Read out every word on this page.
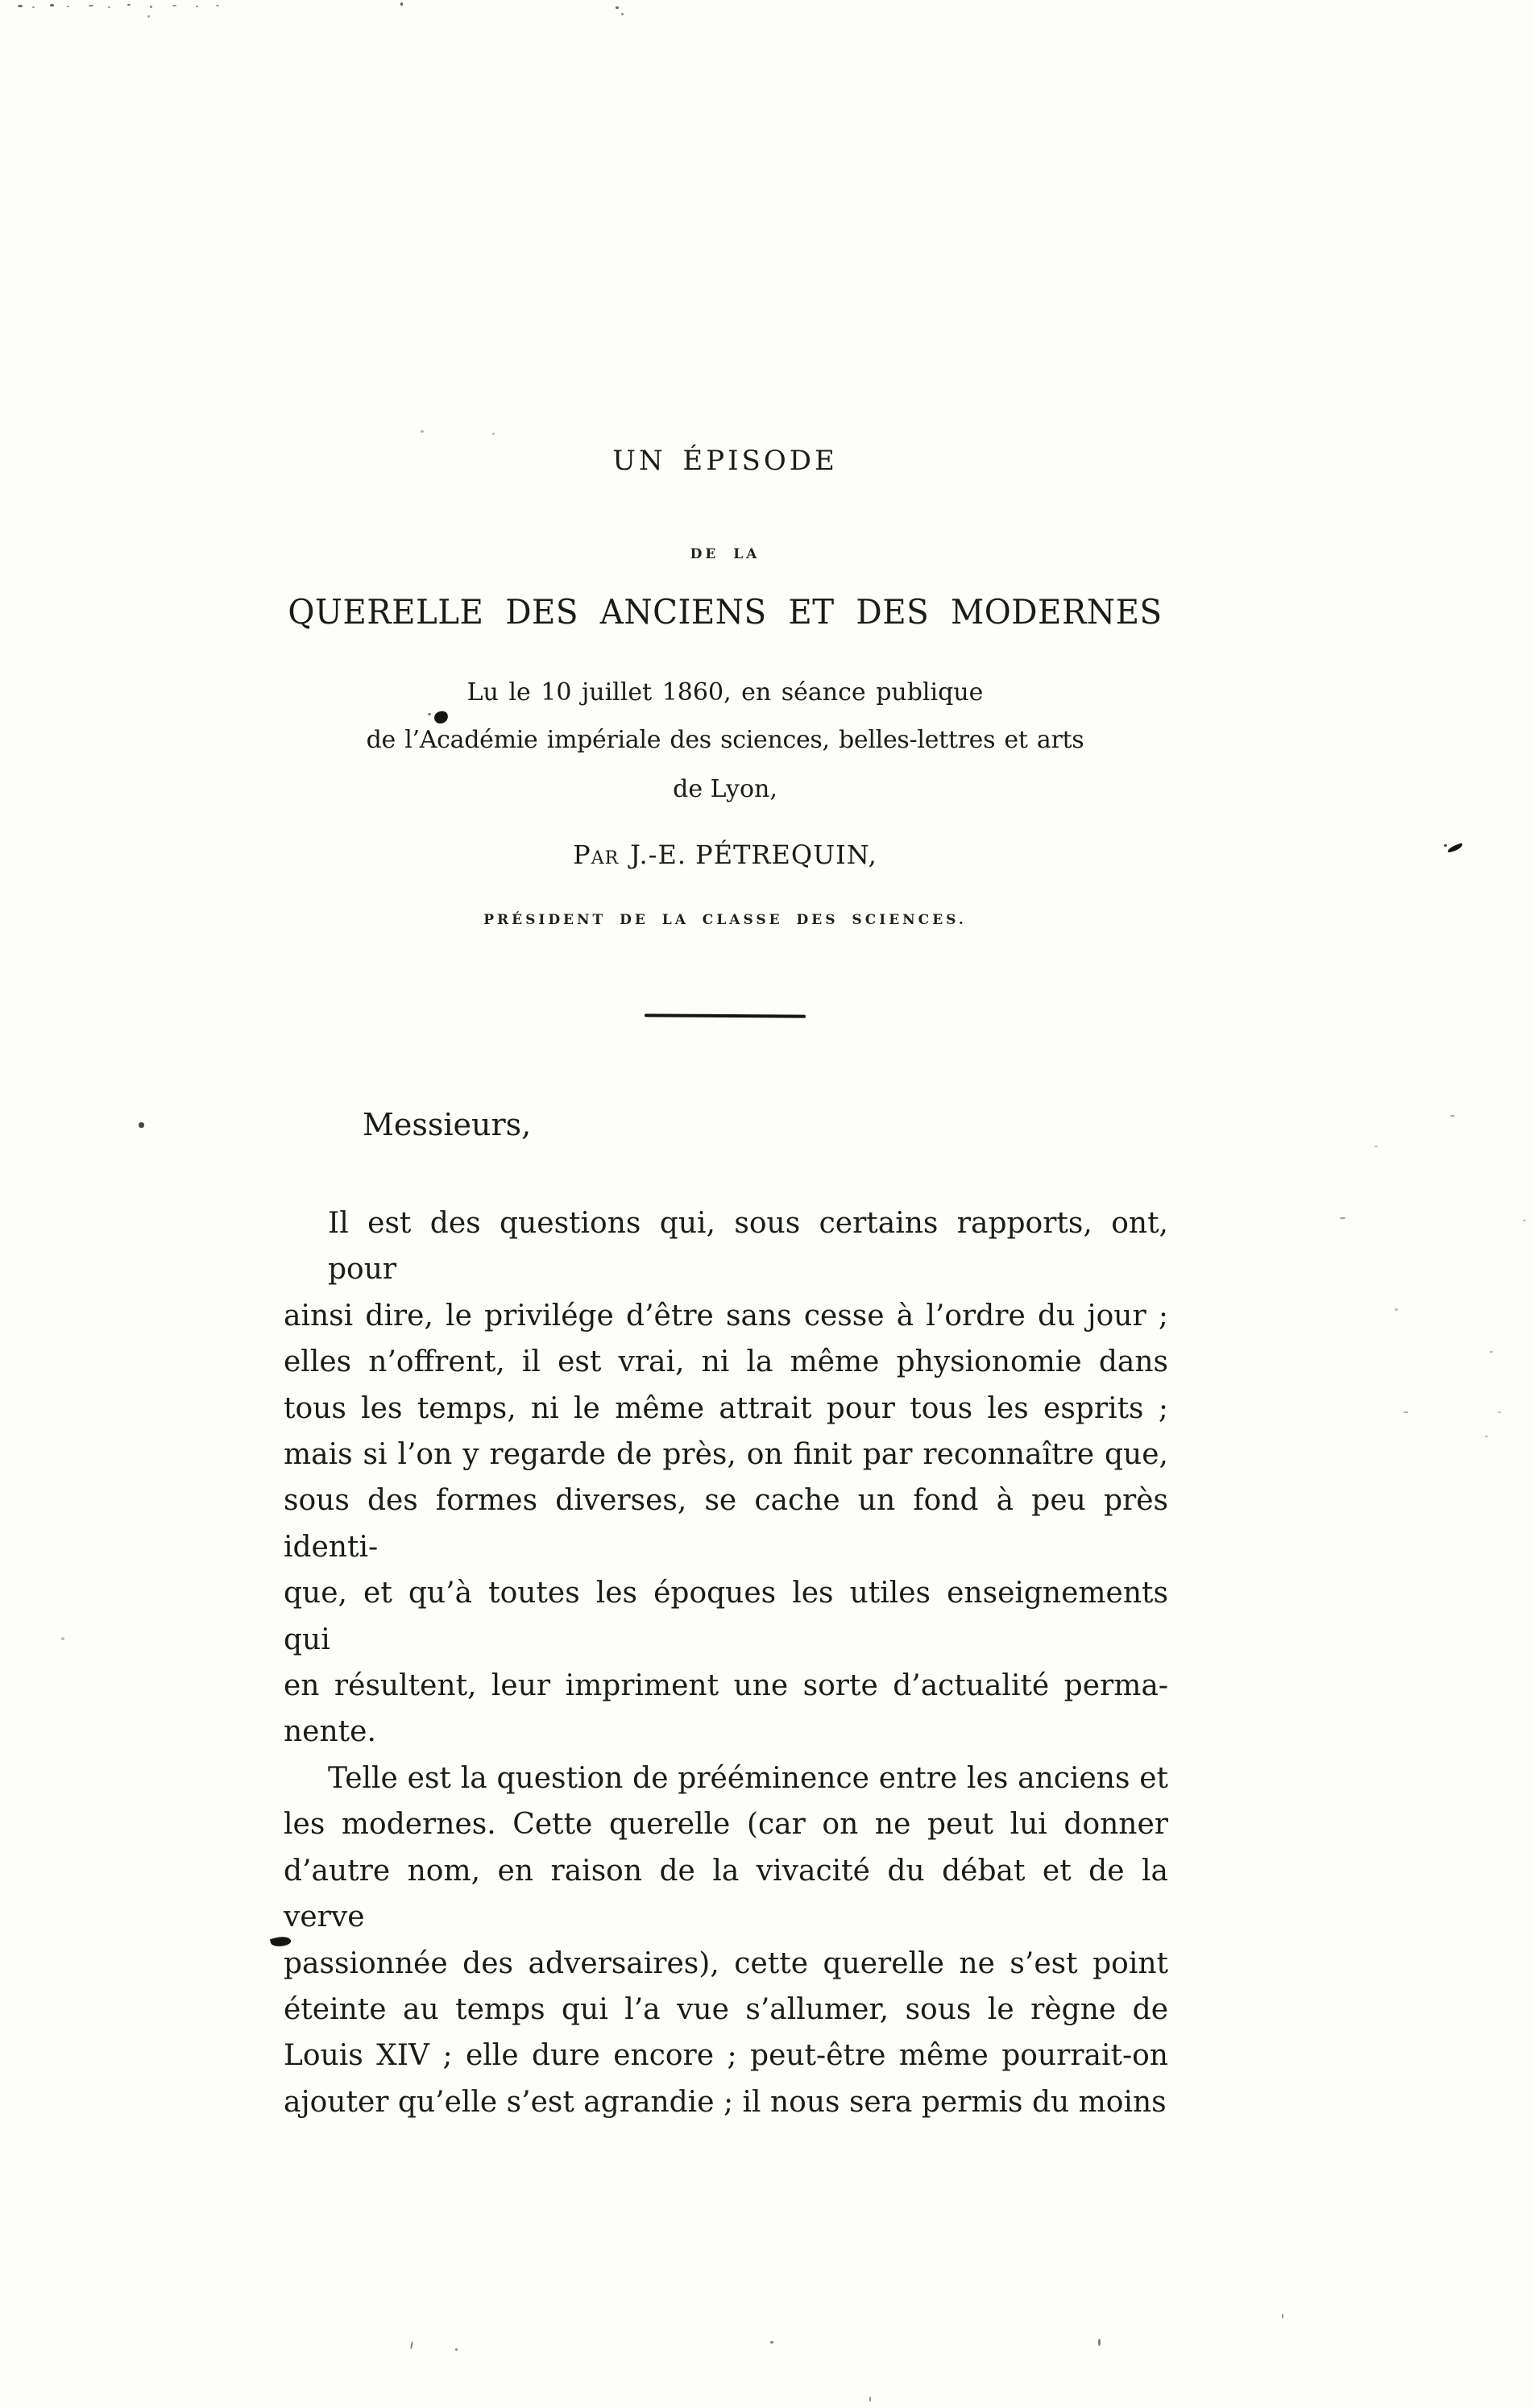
UN ÉPISODE
DE LA
QUERELLE DES ANCIENS ET DES MODERNES
Lu le 10 juillet 1860, en séance publique
de l’Académie impériale des sciences, belles-lettres et arts
de Lyon,
Par J.-E. PÉTREQUIN,
PRÉSIDENT DE LA CLASSE DES SCIENCES.
Messieurs,
Il est des questions qui, sous certains rapports, ont, pour
ainsi dire, le privilége d’être sans cesse à l’ordre du jour ;
elles n’offrent, il est vrai, ni la même physionomie dans
tous les temps, ni le même attrait pour tous les esprits ;
mais si l’on y regarde de près, on finit par reconnaître que,
sous des formes diverses, se cache un fond à peu près identi-
que, et qu’à toutes les époques les utiles enseignements qui
en résultent, leur impriment une sorte d’actualité perma-
nente.
Telle est la question de prééminence entre les anciens et
les modernes. Cette querelle (car on ne peut lui donner
d’autre nom, en raison de la vivacité du débat et de la verve
passionnée des adversaires), cette querelle ne s’est point
éteinte au temps qui l’a vue s’allumer, sous le règne de
Louis XIV ; elle dure encore ; peut-être même pourrait-on
ajouter qu’elle s’est agrandie ; il nous sera permis du moins
